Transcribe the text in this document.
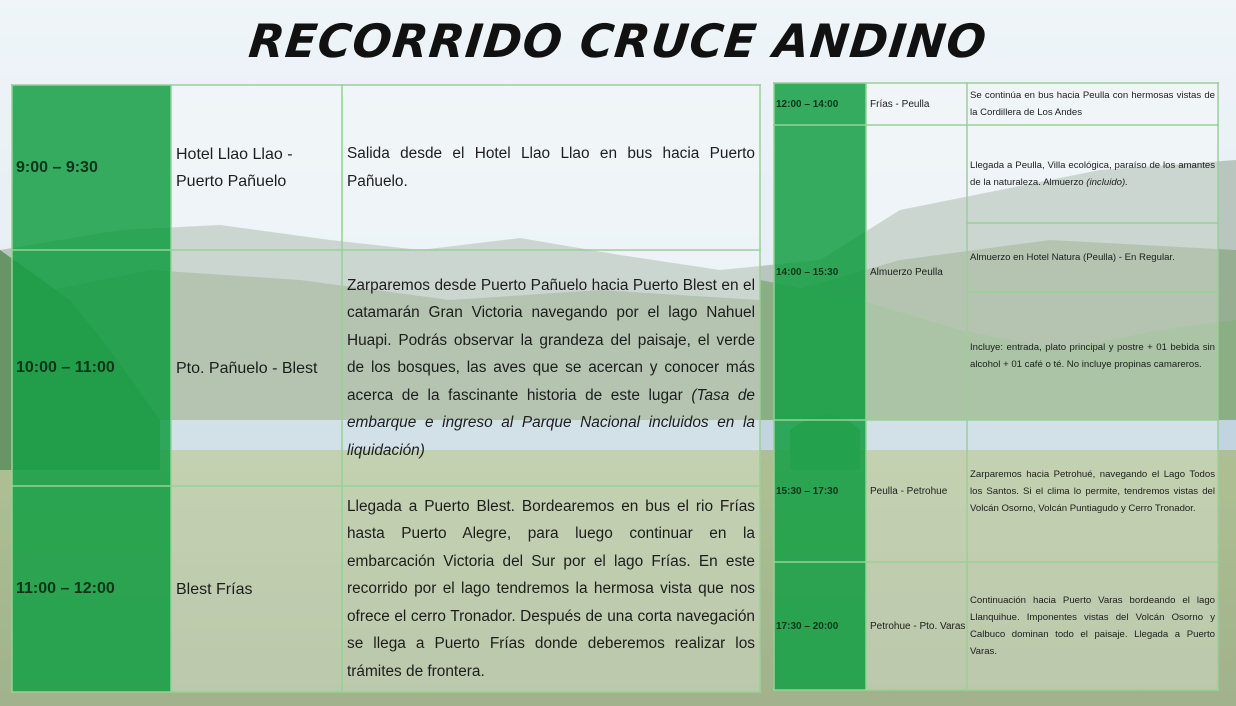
RECORRIDO CRUCE ANDINO
9:00 – 9:30	Hotel Llao Llao - Puerto Pañuelo	Salida desde el Hotel Llao Llao en bus hacia Puerto Pañuelo.
10:00 – 11:00	Pto. Pañuelo - Blest	Zarparemos desde Puerto Pañuelo hacia Puerto Blest en el catamarán Gran Victoria navegando por el lago Nahuel Huapi. Podrás observar la grandeza del paisaje, el verde de los bosques, las aves que se acercan y conocer más acerca de la fascinante historia de este lugar (Tasa de embarque e ingreso al Parque Nacional incluidos en la liquidación)
11:00 – 12:00	Blest Frías	Llegada a Puerto Blest. Bordearemos en bus el rio Frías hasta Puerto Alegre, para luego continuar en la embarcación Victoria del Sur por el lago Frías. En este recorrido por el lago tendremos la hermosa vista que nos ofrece el cerro Tronador. Después de una corta navegación se llega a Puerto Frías donde deberemos realizar los trámites de frontera.
12:00 – 14:00	Frías - Peulla	Se continúa en bus hacia Peulla con hermosas vistas de la Cordillera de Los Andes
14:00 – 15:30	Almuerzo Peulla	Llegada a Peulla, Villa ecológica, paraíso de los amantes de la naturaleza. Almuerzo (incluido).
		Almuerzo en Hotel Natura (Peulla) - En Regular.
		Incluye: entrada, plato principal y postre + 01 bebida sin alcohol + 01 café o té. No incluye propinas camareros.
15:30 – 17:30	Peulla - Petrohue	Zarparemos hacia Petrohué, navegando el Lago Todos los Santos. Si el clima lo permite, tendremos vistas del Volcán Osorno, Volcán Puntiagudo y Cerro Tronador.
17:30 – 20:00	Petrohue - Pto. Varas	Continuación hacia Puerto Varas bordeando el lago Llanquihue. Imponentes vistas del Volcán Osorno y Calbuco dominan todo el paisaje. Llegada a Puerto Varas.
